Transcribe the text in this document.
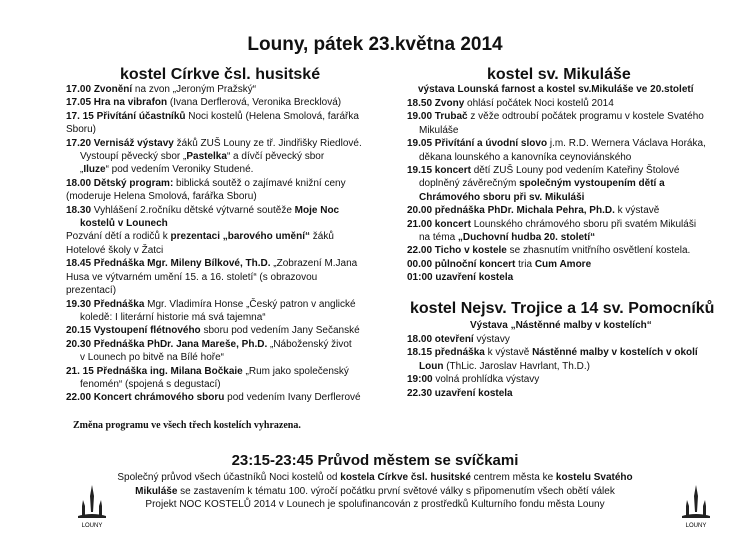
Louny, pátek 23.května 2014
kostel Církve čsl. husitské
17.00 Zvonění na zvon „Jeroným Pražský“
17.05 Hra na vibrafon (Ivana Derflerová, Veronika Brecklová)
17. 15 Přivítání účastníků Noci kostelů (Helena Smolová, farářka
Sboru)
17.20 Vernisáž výstavy žáků ZUŠ Louny ze tř. Jindřišky Riedlové.
Vystoupí pěvecký sbor „Pastelka“ a dívčí pěvecký sbor
„Iluze“ pod vedením Veroniky Studené.
18.00 Dětský program: biblická soutěž o zajímavé knižní ceny
(moderuje Helena Smolová, farářka Sboru)
18.30 Vyhlášení 2.ročníku dětské výtvarné soutěže Moje Noc
kostelů v Lounech
Pozvání dětí a rodičů k prezentaci „barového umění“ žáků
Hotelové školy v Žatci
18.45 Přednáška Mgr. Mileny Bílkové, Th.D. „Zobrazení M.Jana
Husa ve výtvarném umění 15. a 16. století“ (s obrazovou
prezentací)
19.30 Přednáška Mgr. Vladimíra Honse „Český patron v anglické
koledě: I literární historie má svá tajemna“
20.15 Vystoupení flétnového sboru pod vedením Jany Sečanské
20.30 Přednáška PhDr. Jana Mareše, Ph.D. „Náboženský život
v Lounech po bitvě na Bílé hoře“
21. 15 Přednáška ing. Milana Bočkaie „Rum jako společenský
fenomén“ (spojená s degustací)
22.00 Koncert chrámového sboru pod vedením Ivany Derflerové
Změna programu ve všech třech kostelích vyhrazena.
kostel sv. Mikuláše
výstava Lounská farnost a kostel sv.Mikuláše ve 20.století
18.50 Zvony ohlásí počátek Noci kostelů 2014
19.00 Trubač z věže odtroubí počátek programu v kostele Svatého
Mikuláše
19.05 Přivítání a úvodní slovo j.m. R.D. Wernera Václava Horáka,
děkana lounského a kanovníka ceynoviánského
19.15 koncert dětí ZUŠ Louny pod vedením Kateřiny Štolové
doplněný závěrečným společným vystoupením dětí a
Chrámového sboru při sv. Mikuláši
20.00 přednáška PhDr. Michala Pehra, Ph.D. k výstavě
21.00 koncert Lounského chrámového sboru při svatém Mikuláši
na téma „Duchovní hudba 20. století“
22.00 Ticho v kostele se zhasnutím vnitřního osvětlení kostela.
00.00 půlnoční koncert tria Cum Amore
01:00 uzavření kostela
kostel Nejsv. Trojice a 14 sv. Pomocníků
Výstava „Nástěnné malby v kostelích“
18.00 otevření výstavy
18.15 přednáška k výstavě Nástěnné malby v kostelích v okolí
Loun (ThLic. Jaroslav Havrlant, Th.D.)
19:00 volná prohlídka výstavy
22.30 uzavření kostela
23:15-23:45 Průvod městem se svíčkami
Společný průvod všech účastníků Noci kostelů od kostela Církve čsl. husitské centrem města ke kostelu Svatého
Mikuláše se zastavením k tématu 100. výročí počátku první světové války s připomenutím všech obětí válek
Projekt NOC KOSTELŮ 2014 v Lounech je spolufinancován z prostředků Kulturního fondu města Louny
LOUNY	LOUNY
